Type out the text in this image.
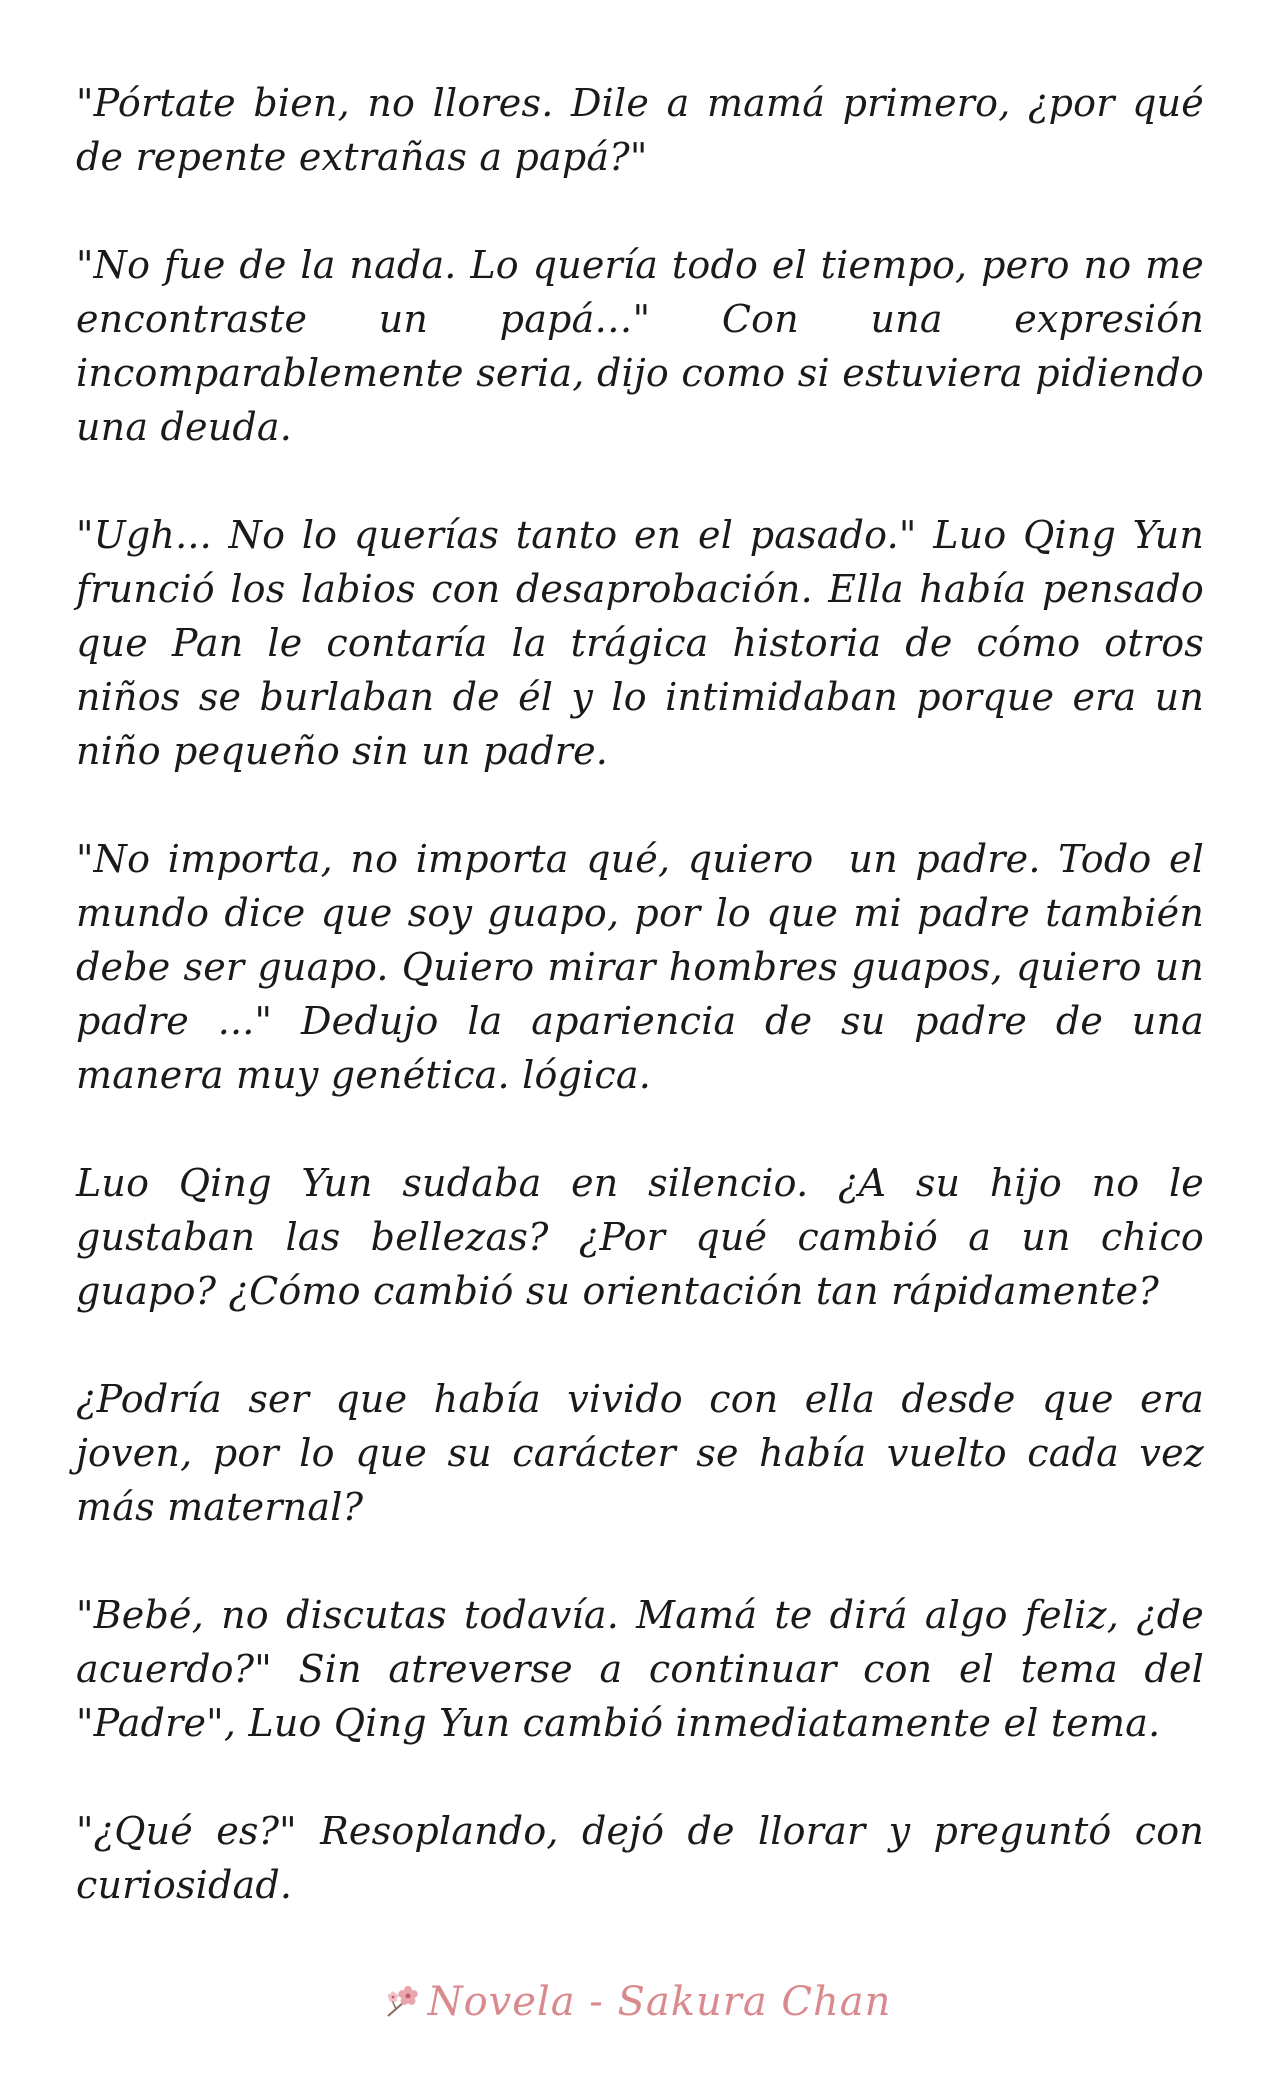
"Pórtate bien, no llores. Dile a mamá primero, ¿por qué de repente extrañas a papá?"

"No fue de la nada. Lo quería todo el tiempo, pero no me encontraste un papá…" Con una expresión incomparablemente seria, dijo como si estuviera pidiendo una deuda.

"Ugh... No lo querías tanto en el pasado." Luo Qing Yun frunció los labios con desaprobación. Ella había pensado que Pan le contaría la trágica historia de cómo otros niños se burlaban de él y lo intimidaban porque era un niño pequeño sin un padre.

"No importa, no importa qué, quiero  un padre. Todo el mundo dice que soy guapo, por lo que mi padre también debe ser guapo. Quiero mirar hombres guapos, quiero un padre ..." Dedujo la apariencia de su padre de una manera muy genética. lógica.

Luo Qing Yun sudaba en silencio. ¿A su hijo no le gustaban las bellezas? ¿Por qué cambió a un chico guapo? ¿Cómo cambió su orientación tan rápidamente?

¿Podría ser que había vivido con ella desde que era joven, por lo que su carácter se había vuelto cada vez más maternal?

"Bebé, no discutas todavía. Mamá te dirá algo feliz, ¿de acuerdo?" Sin atreverse a continuar con el tema del "Padre", Luo Qing Yun cambió inmediatamente el tema.

"¿Qué es?" Resoplando, dejó de llorar y preguntó con curiosidad.

Novela - Sakura Chan
